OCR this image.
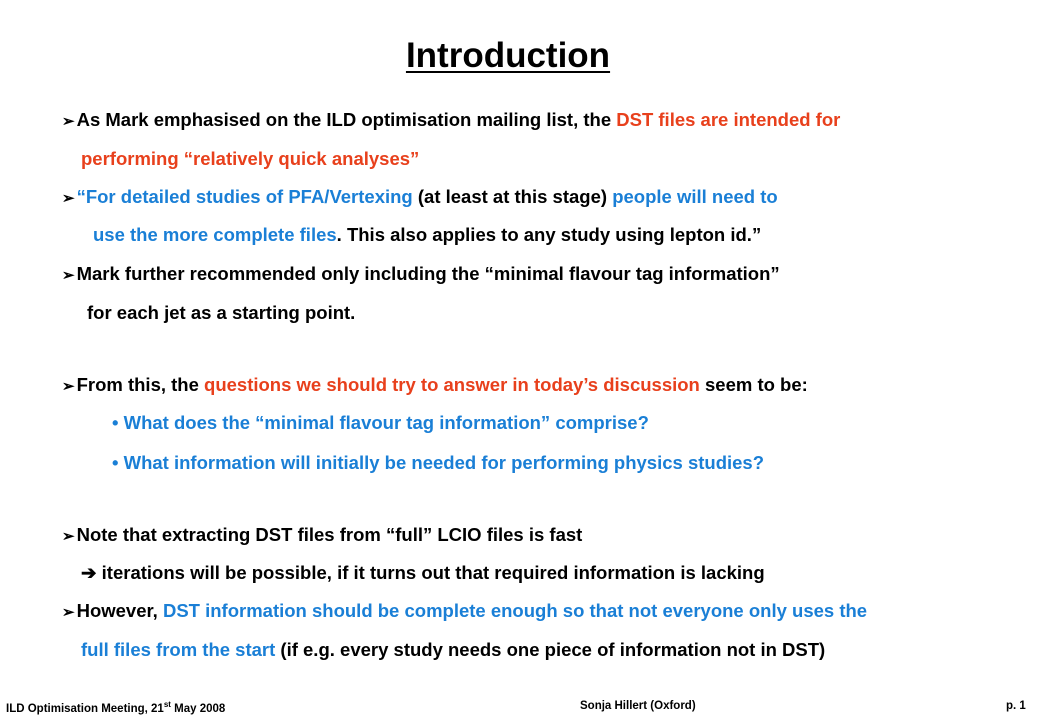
Introduction
➢ As Mark emphasised on the ILD optimisation mailing list, the DST files are intended for
performing “relatively quick analyses”
➢ “For detailed studies of PFA/Vertexing (at least at this stage) people will need to
use the more complete files. This also applies to any study using lepton id.”
➢ Mark further recommended only including the “minimal flavour tag information”
for each jet as a starting point.
➢ From this, the questions we should try to answer in today’s discussion seem to be:
• What does the “minimal flavour tag information” comprise?
• What information will initially be needed for performing physics studies?
➢ Note that extracting DST files from “full” LCIO files is fast
➔ iterations will be possible, if it turns out that required information is lacking
➢ However, DST information should be complete enough so that not everyone only uses the
full files from the start (if e.g. every study needs one piece of information not in DST)
ILD Optimisation Meeting, 21st May 2008	Sonja Hillert (Oxford)	p. 1
